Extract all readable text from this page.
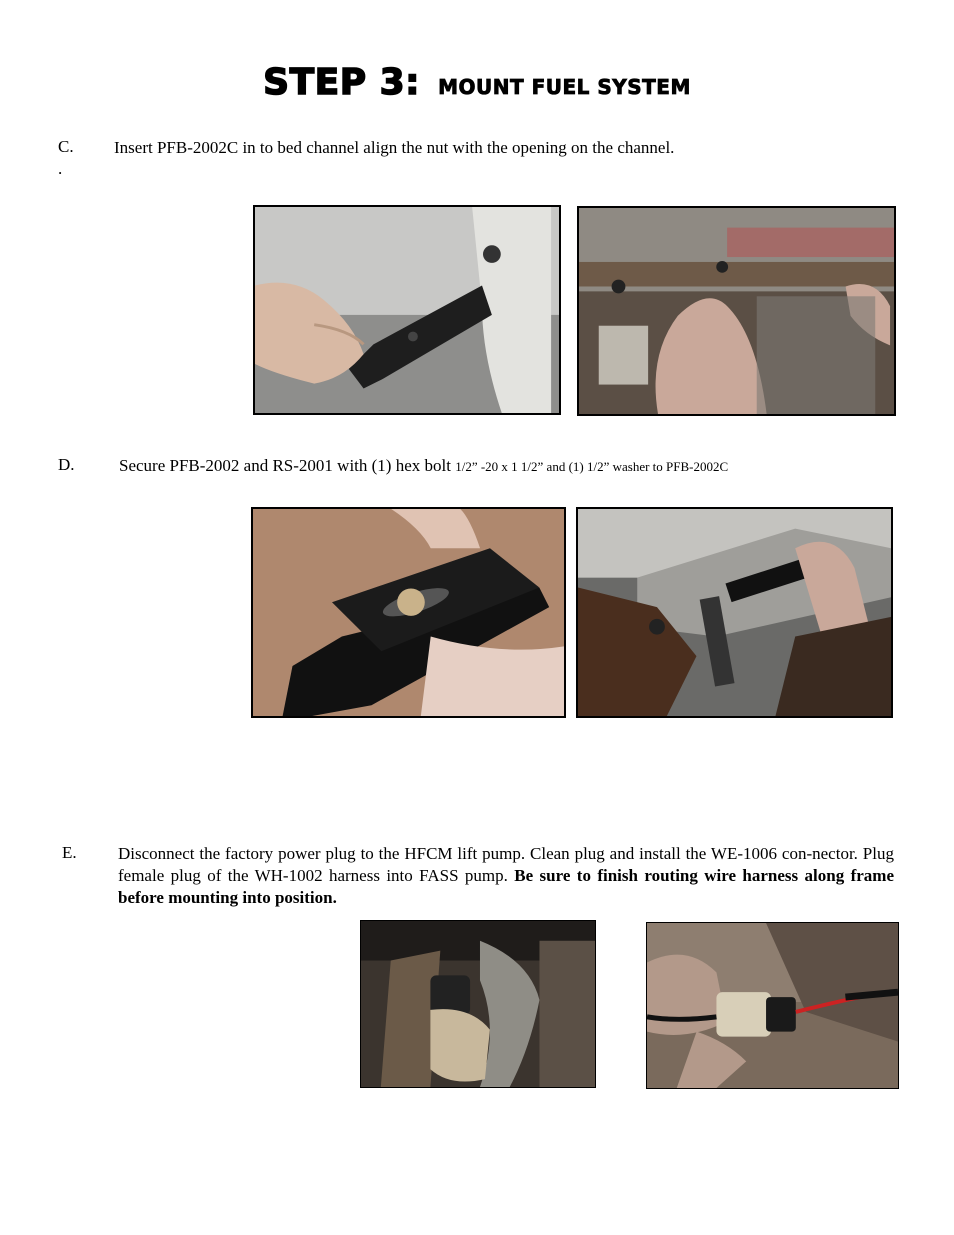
STEP 3: MOUNT FUEL SYSTEM
C. Insert PFB-2002C in to bed channel align the nut with the opening on the channel.
.
D.	Secure PFB-2002 and RS-2001 with (1) hex bolt 1/2” -20 x 1 1/2” and (1) 1/2” washer to PFB-2002C
E. Disconnect the factory power plug to the HFCM lift pump. Clean plug and install the WE-1006 con-nector. Plug female plug of the WH-1002 harness into FASS pump. Be sure to finish routing wire harness along frame before mounting into position.
